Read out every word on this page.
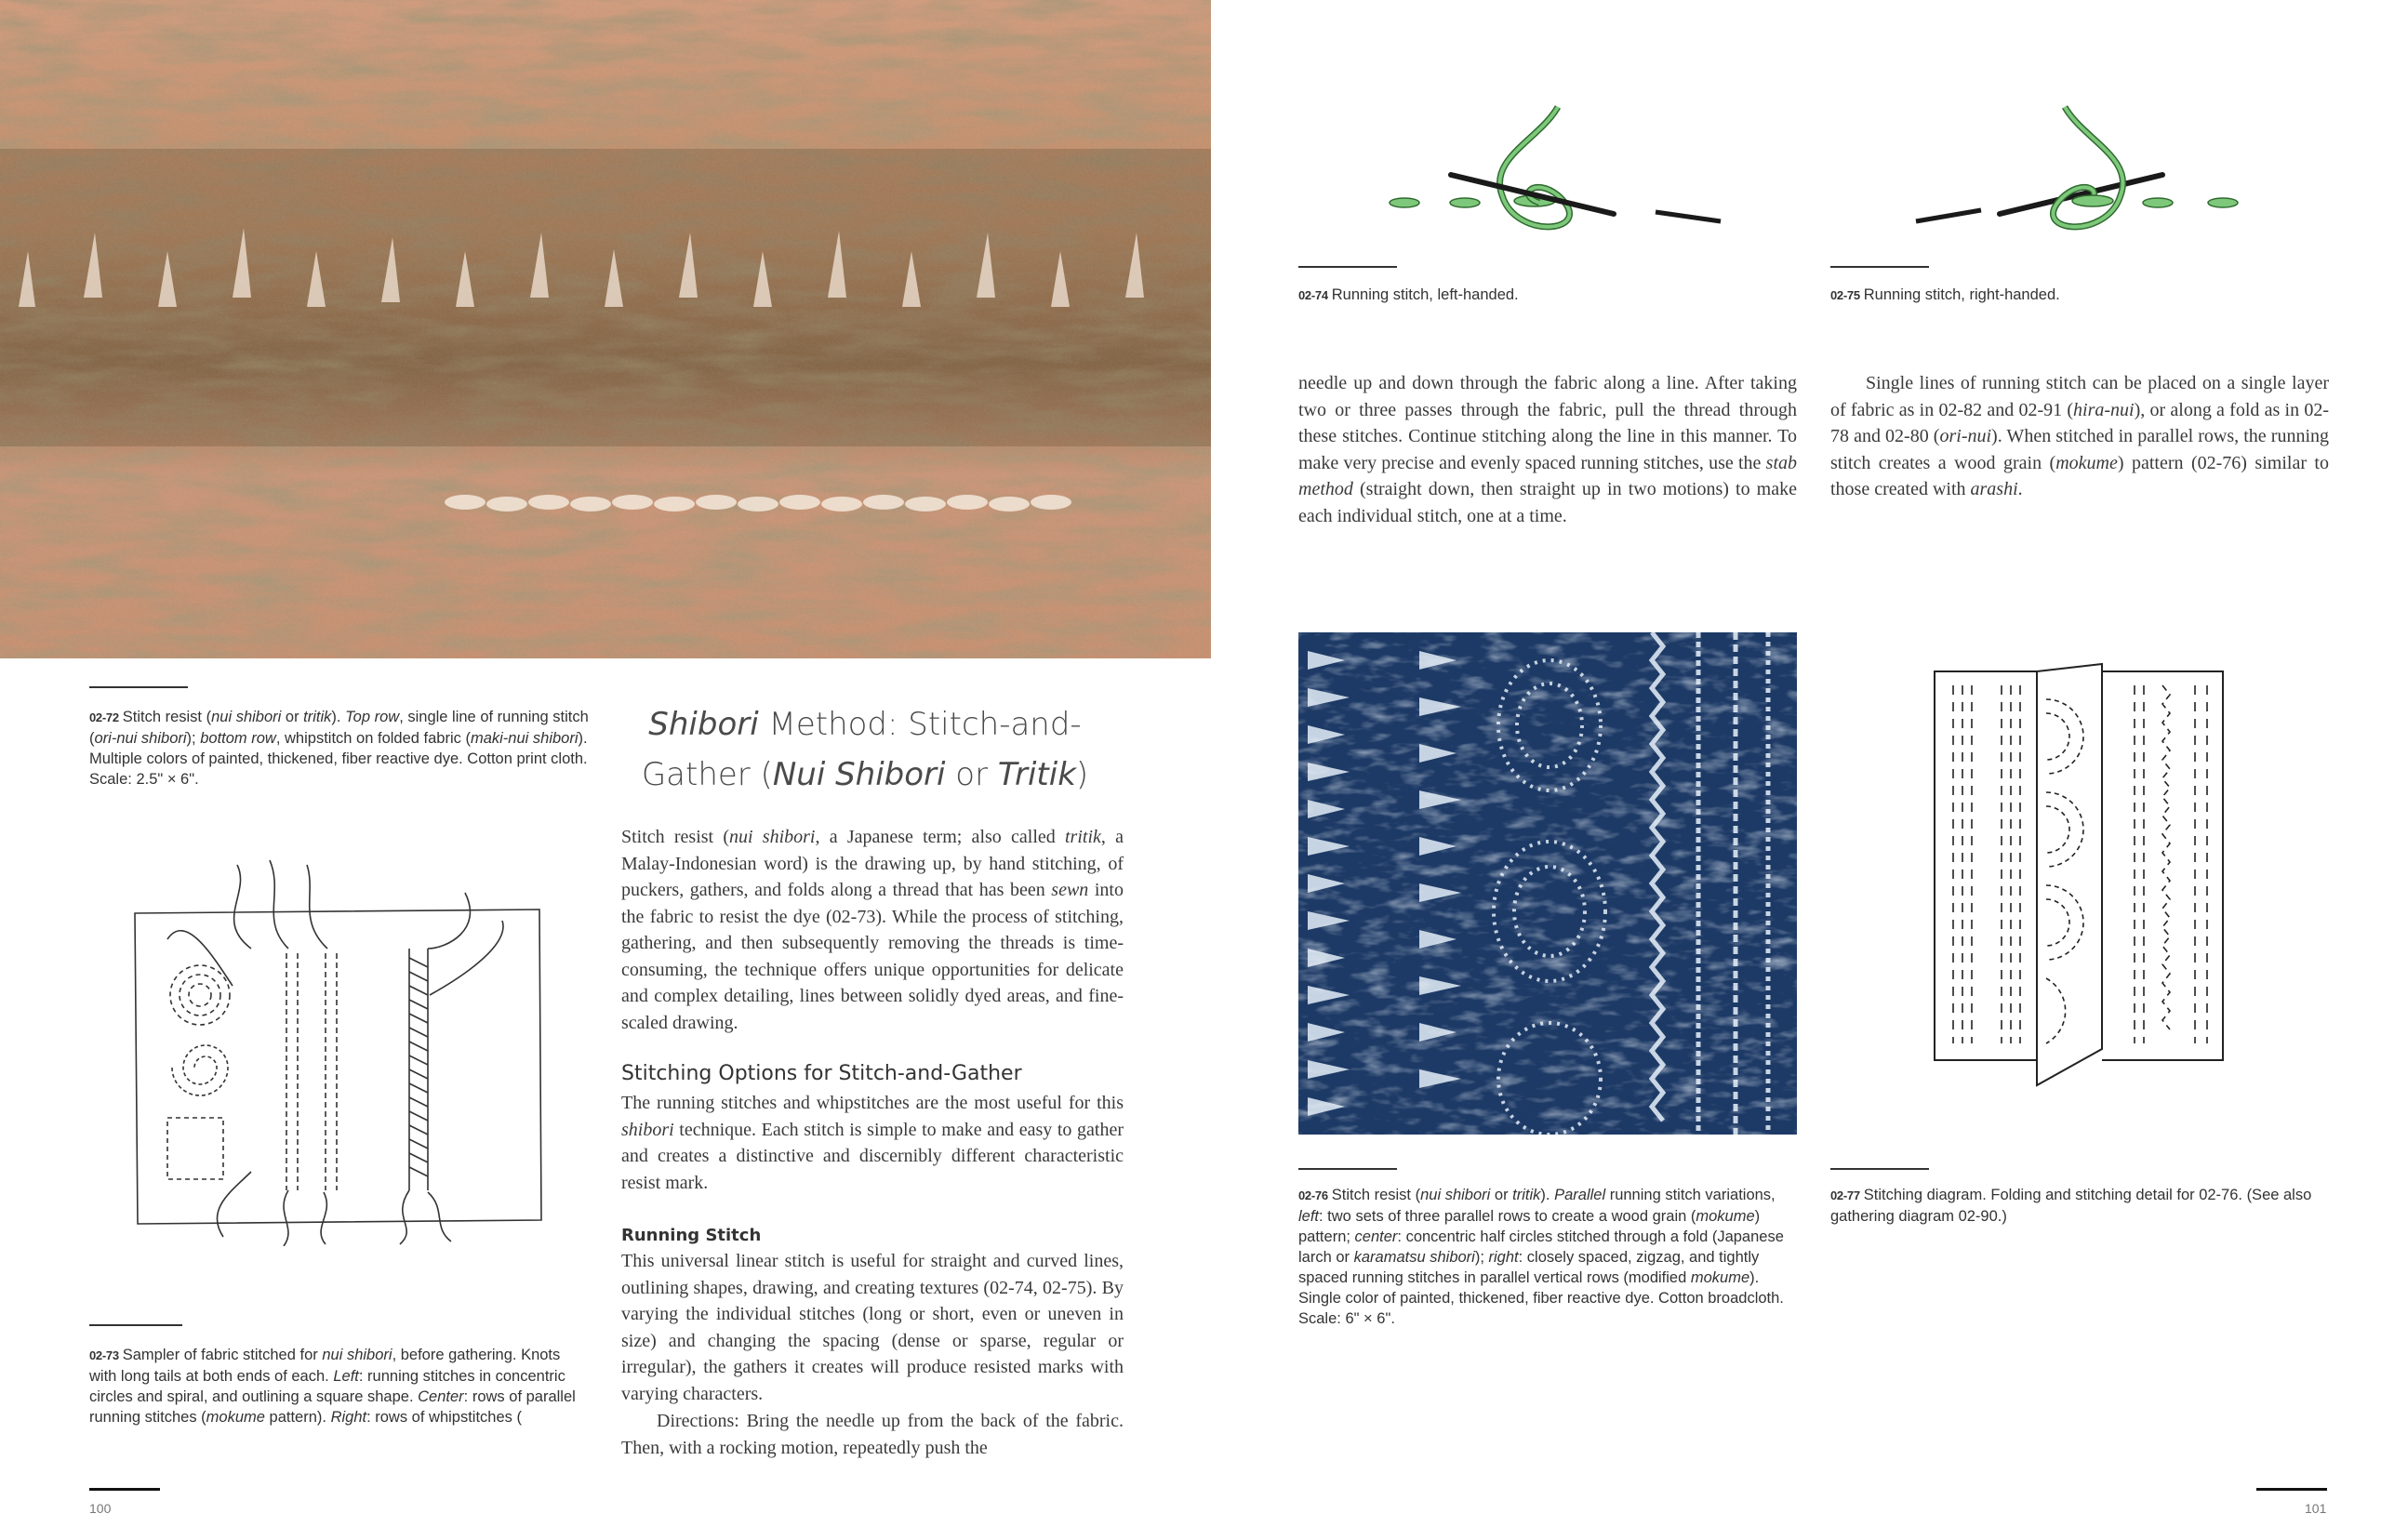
02-72 Stitch resist (nui shibori or tritik). Top row, single line of running stitch (ori-nui shibori); bottom row, whipstitch on folded fabric (maki-nui shibori). Multiple colors of painted, thickened, fiber reactive dye. Cotton print cloth. Scale: 2.5" × 6".
02-73 Sampler of fabric stitched for nui shibori, before gathering. Knots with long tails at both ends of each. Left: running stitches in concentric circles and spiral, and outlining a square shape. Center: rows of parallel running stitches (mokume pattern). Right: rows of whipstitches (
Shibori Method: Stitch-and-
Gather (Nui Shibori or Tritik)
Stitch resist (nui shibori, a Japanese term; also called tritik, a Malay-Indonesian word) is the drawing up, by hand stitching, of puckers, gathers, and folds along a thread that has been sewn into the fabric to resist the dye (02-73). While the process of stitching, gathering, and then subsequently removing the threads is time-consuming, the technique offers unique opportunities for delicate and complex detailing, lines between solidly dyed areas, and fine-scaled drawing.
Stitching Options for Stitch-and-Gather
The running stitches and whipstitches are the most useful for this shibori technique. Each stitch is simple to make and easy to gather and creates a distinctive and discernibly different characteristic resist mark.
Running Stitch
This universal linear stitch is useful for straight and curved lines, outlining shapes, drawing, and creating textures (02-74, 02-75). By varying the individual stitches (long or short, even or uneven in size) and changing the spacing (dense or sparse, regular or irregular), the gathers it creates will produce resisted marks with varying characters.
Directions: Bring the needle up from the back of the fabric. Then, with a rocking motion, repeatedly push the
100
02-74 Running stitch, left-handed.	02-75 Running stitch, right-handed.
needle up and down through the fabric along a line. After taking two or three passes through the fabric, pull the thread through these stitches. Continue stitching along the line in this manner. To make very precise and evenly spaced running stitches, use the stab method (straight down, then straight up in two motions) to make each individual stitch, one at a time.
Single lines of running stitch can be placed on a single layer of fabric as in 02-82 and 02-91 (hira-nui), or along a fold as in 02-78 and 02-80 (ori-nui). When stitched in parallel rows, the running stitch creates a wood grain (mokume) pattern (02-76) similar to those created with arashi.
02-76 Stitch resist (nui shibori or tritik). Parallel running stitch variations, left: two sets of three parallel rows to create a wood grain (mokume) pattern; center: concentric half circles stitched through a fold (Japanese larch or karamatsu shibori); right: closely spaced, zigzag, and tightly spaced running stitches in parallel vertical rows (modified mokume). Single color of painted, thickened, fiber reactive dye. Cotton broadcloth. Scale: 6" × 6".
02-77 Stitching diagram. Folding and stitching detail for 02-76. (See also gathering diagram 02-90.)
101
